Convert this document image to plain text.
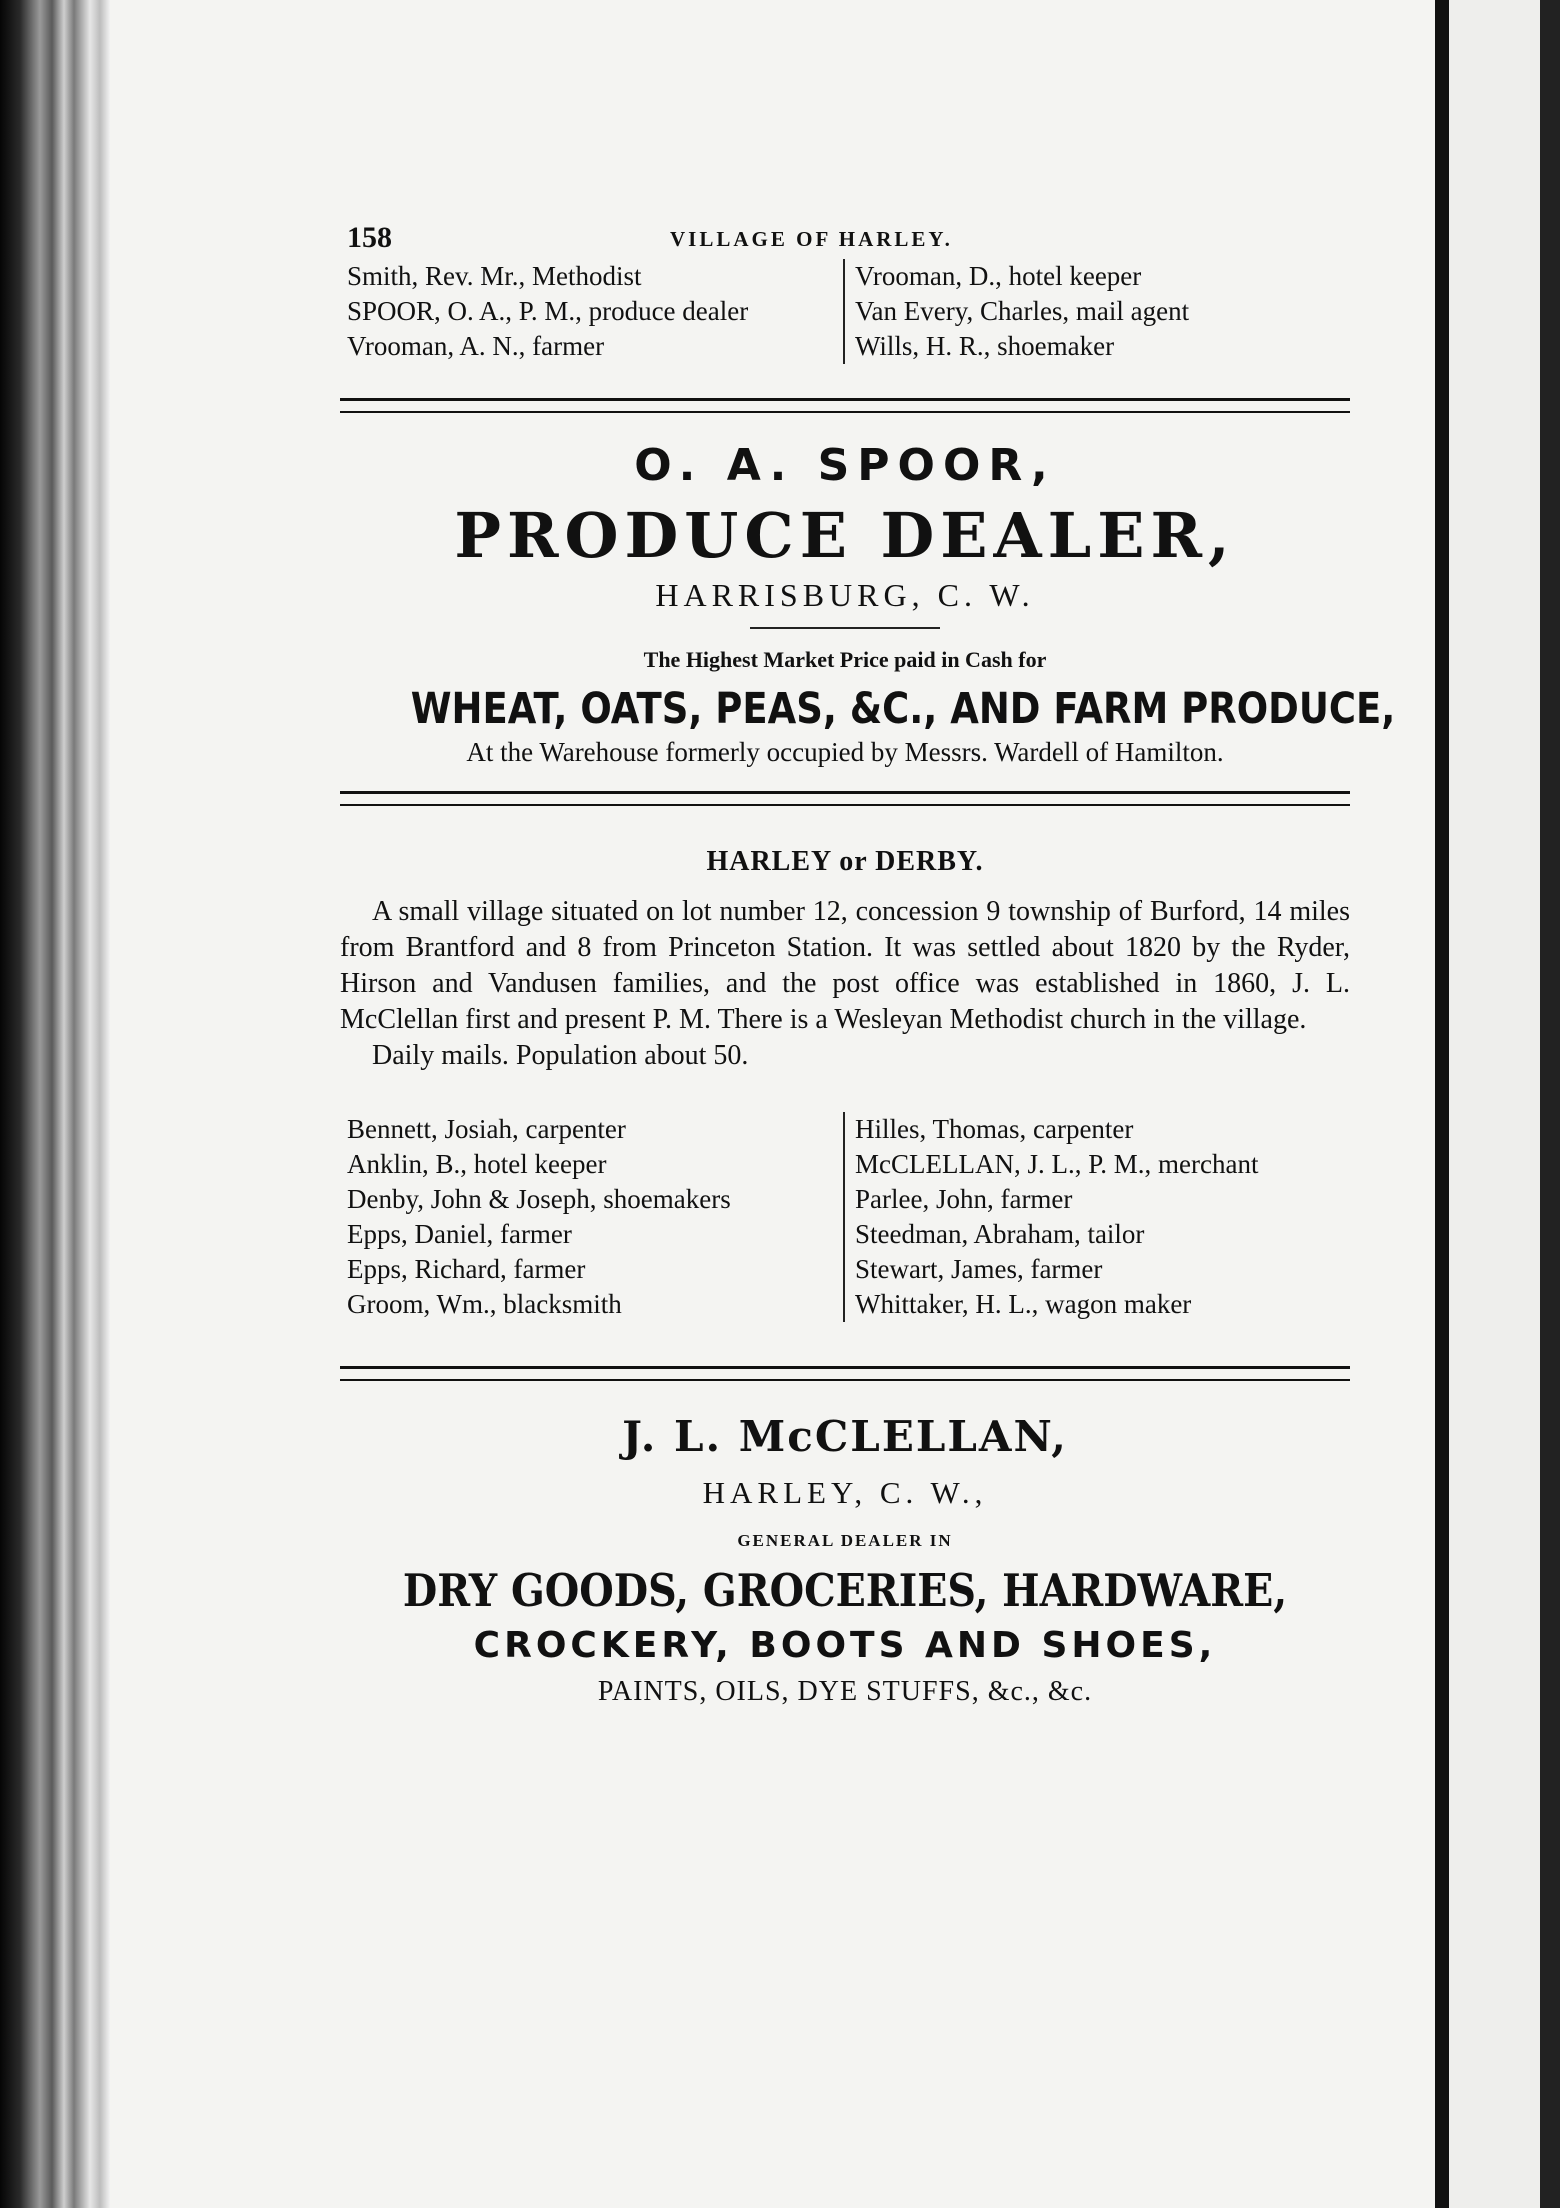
158	VILLAGE OF HARLEY.
Smith, Rev. Mr., Methodist
SPOOR, O. A., P. M., produce dealer
Vrooman, A. N., farmer
Vrooman, D., hotel keeper
Van Every, Charles, mail agent
Wills, H. R., shoemaker
O. A. SPOOR,
PRODUCE DEALER,
HARRISBURG, C. W.
The Highest Market Price paid in Cash for
WHEAT, OATS, PEAS, &C., AND FARM PRODUCE,
At the Warehouse formerly occupied by Messrs. Wardell of Hamilton.
HARLEY or DERBY.
A small village situated on lot number 12, concession 9 township of Burford, 14 miles from Brantford and 8 from Princeton Station. It was settled about 1820 by the Ryder, Hirson and Vandusen families, and the post office was established in 1860, J. L. McClellan first and present P. M. There is a Wesleyan Methodist church in the village.
Daily mails. Population about 50.
Bennett, Josiah, carpenter
Anklin, B., hotel keeper
Denby, John & Joseph, shoemakers
Epps, Daniel, farmer
Epps, Richard, farmer
Groom, Wm., blacksmith
Hilles, Thomas, carpenter
McCLELLAN, J. L., P. M., merchant
Parlee, John, farmer
Steedman, Abraham, tailor
Stewart, James, farmer
Whittaker, H. L., wagon maker
J. L. McCLELLAN,
HARLEY, C. W.,
GENERAL DEALER IN
DRY GOODS, GROCERIES, HARDWARE,
CROCKERY, BOOTS AND SHOES,
PAINTS, OILS, DYE STUFFS, &c., &c.
